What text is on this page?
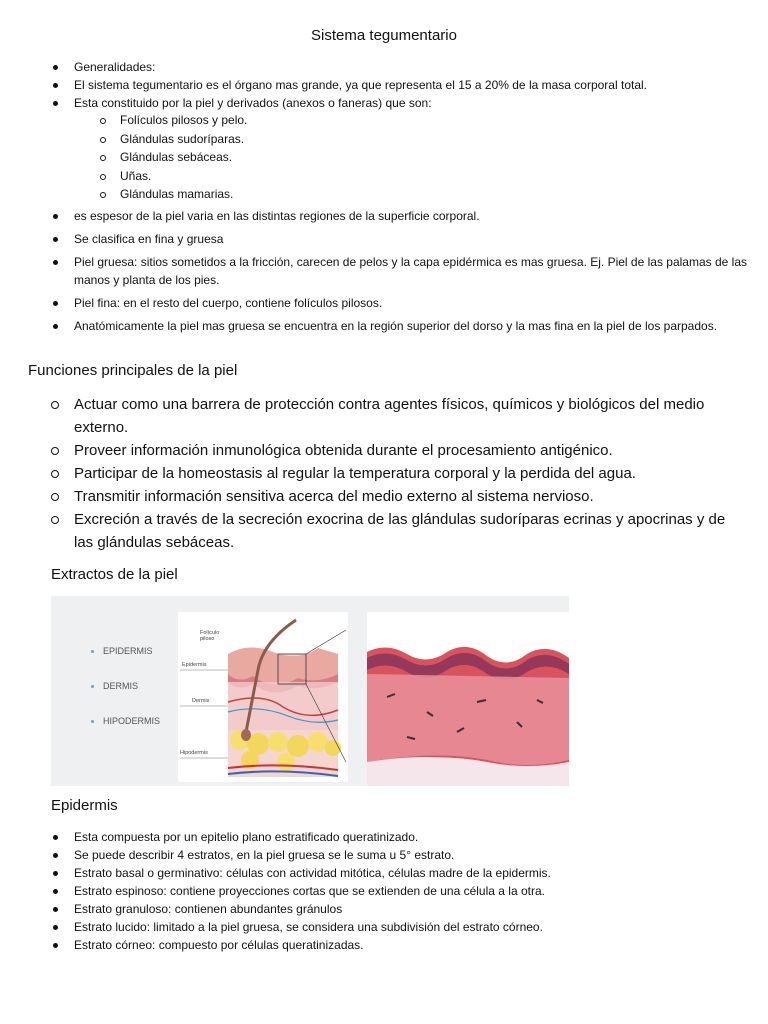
Sistema tegumentario
Generalidades:
El sistema tegumentario es el órgano mas grande, ya que representa el 15 a 20% de la masa corporal total.
Esta constituido por la piel y derivados (anexos o faneras) que son:
Folículos pilosos y pelo.
Glándulas sudoríparas.
Glándulas sebáceas.
Uñas.
Glándulas mamarias.
es espesor de la piel varia en las distintas regiones de la superficie corporal.
Se clasifica en fina y gruesa
Piel gruesa: sitios sometidos a la fricción, carecen de pelos y la capa epidérmica es mas gruesa. Ej. Piel de las palamas de las manos y planta de los pies.
Piel fina: en el resto del cuerpo, contiene folículos pilosos.
Anatómicamente la piel mas gruesa se encuentra en la región superior del dorso y la mas fina en la piel de los parpados.
Funciones principales de la piel
Actuar como una barrera de protección contra agentes físicos, químicos y biológicos del medio externo.
Proveer información inmunológica obtenida durante el procesamiento antigénico.
Participar de la homeostasis al regular la temperatura corporal y la perdida del agua.
Transmitir información sensitiva acerca del medio externo al sistema nervioso.
Excreción a través de la secreción exocrina de las glándulas sudoríparas ecrinas y apocrinas y de las glándulas sebáceas.
Extractos de la piel
EPIDERMIS
DERMIS
HIPODERMIS
Folículo piloso
Epidermis
Dermis
Hipodermis
Epidermis
Esta compuesta por un epitelio plano estratificado queratinizado.
Se puede describir 4 estratos, en la piel gruesa se le suma u 5° estrato.
Estrato basal o germinativo: células con actividad mitótica, células madre de la epidermis.
Estrato espinoso: contiene proyecciones cortas que se extienden de una célula a la otra.
Estrato granuloso: contienen abundantes gránulos
Estrato lucido: limitado a la piel gruesa, se considera una subdivisión del estrato córneo.
Estrato córneo: compuesto por células queratinizadas.
